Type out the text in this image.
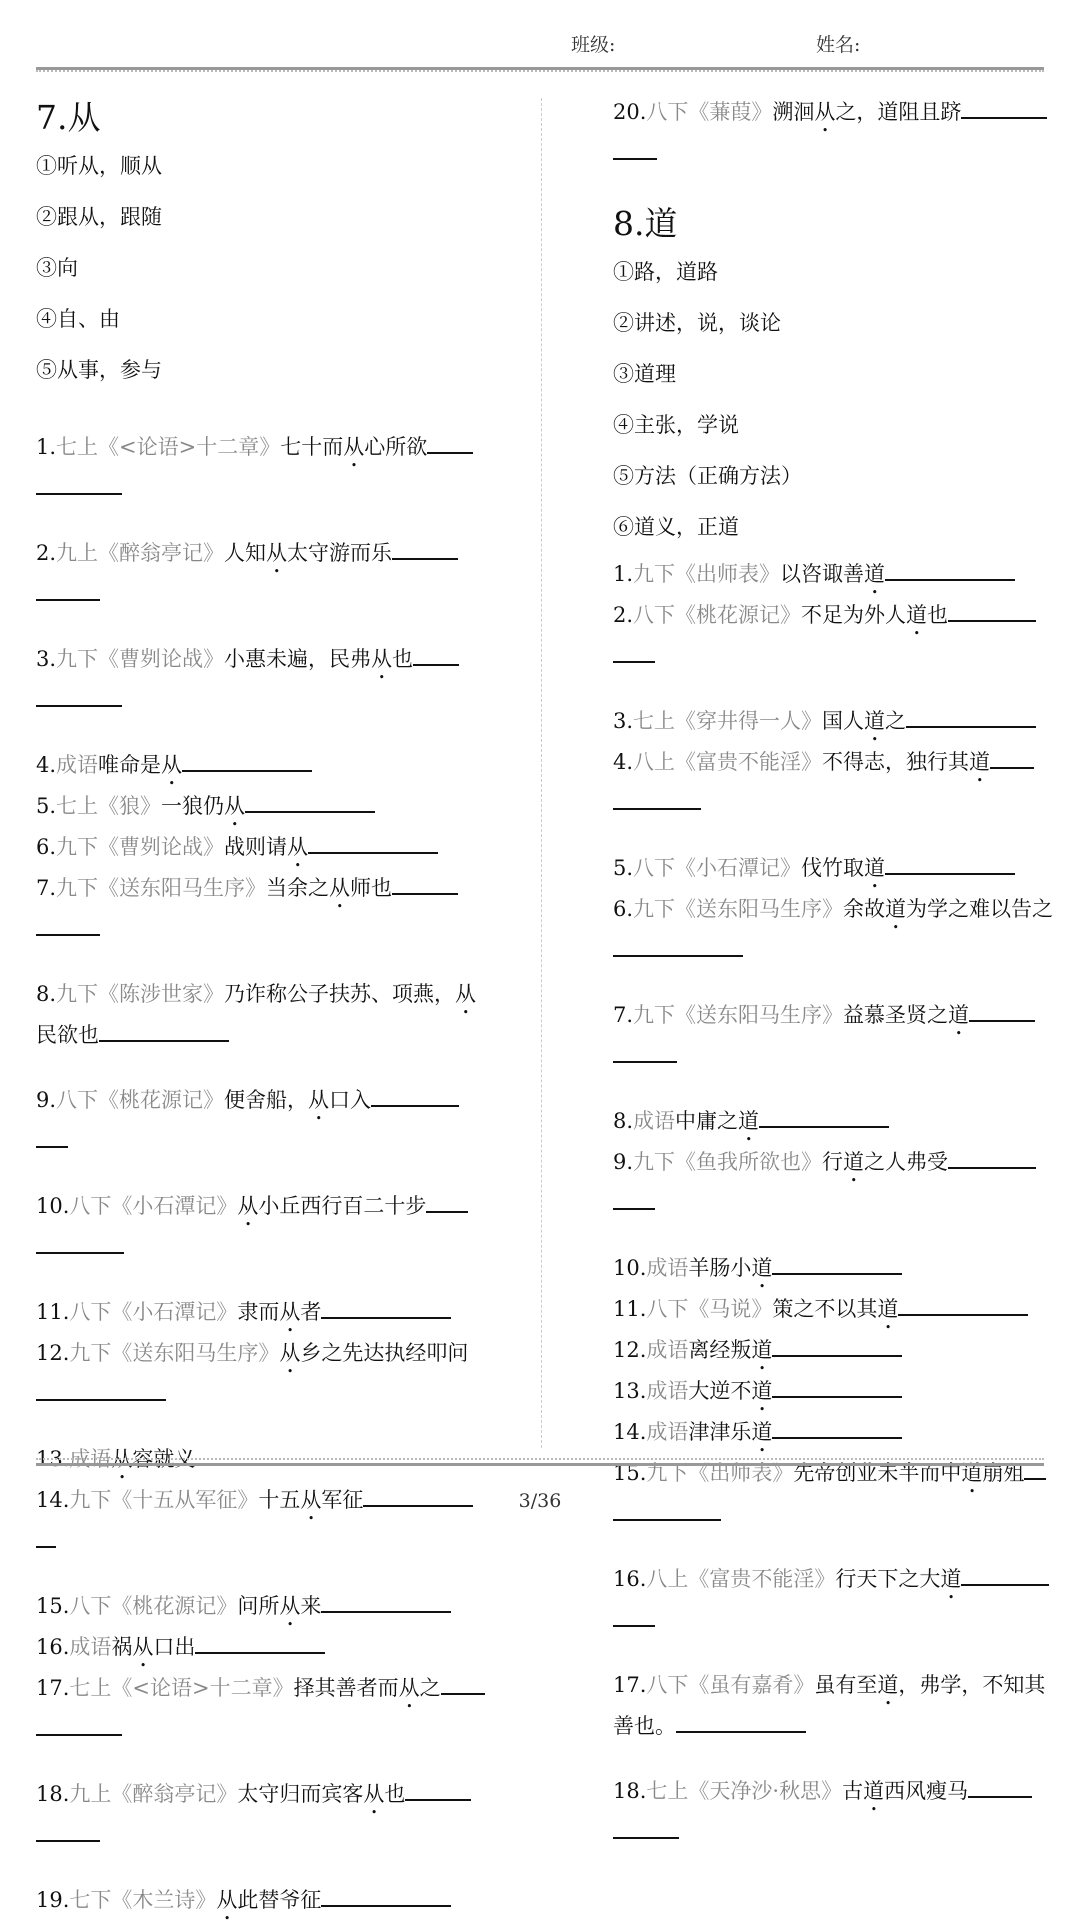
班级:	姓名:
7.从
①听从，顺从
②跟从，跟随
③向
④自、由
⑤从事，参与
1.七上《<论语>十二章》七十而从心所欲

2.九上《醉翁亭记》人知从太守游而乐

3.九下《曹刿论战》小惠未遍，民弗从也

4.成语唯命是从
5.七上《狼》一狼仍从
6.九下《曹刿论战》战则请从
7.九下《送东阳马生序》当余之从师也

8.九下《陈涉世家》乃诈称公子扶苏、项燕，从民欲也
9.八下《桃花源记》便舍船，从口入

10.八下《小石潭记》从小丘西行百二十步

11.八下《小石潭记》隶而从者
12.九下《送东阳马生序》从乡之先达执经叩问

13.成语从容就义
14.九下《十五从军征》十五从军征

15.八下《桃花源记》问所从来
16.成语祸从口出
17.七上《<论语>十二章》择其善者而从之

18.九上《醉翁亭记》太守归而宾客从也

19.七下《木兰诗》从此替爷征
20.八下《蒹葭》溯洄从之，道阻且跻

8.道
①路，道路
②讲述，说，谈论
③道理
④主张，学说
⑤方法（正确方法）
⑥道义，正道
1.九下《出师表》以咨诹善道
2.八下《桃花源记》不足为外人道也

3.七上《穿井得一人》国人道之
4.八上《富贵不能淫》不得志，独行其道

5.八下《小石潭记》伐竹取道
6.九下《送东阳马生序》余故道为学之难以告之
7.九下《送东阳马生序》益慕圣贤之道

8.成语中庸之道
9.九下《鱼我所欲也》行道之人弗受

10.成语羊肠小道
11.八下《马说》策之不以其道
12.成语离经叛道
13.成语大逆不道
14.成语津津乐道
15.九下《出师表》先帝创业未半而中道崩殂

16.八上《富贵不能淫》行天下之大道

17.八下《虽有嘉肴》虽有至道，弗学，不知其善也。
18.七上《天净沙·秋思》古道西风瘦马

3/36
